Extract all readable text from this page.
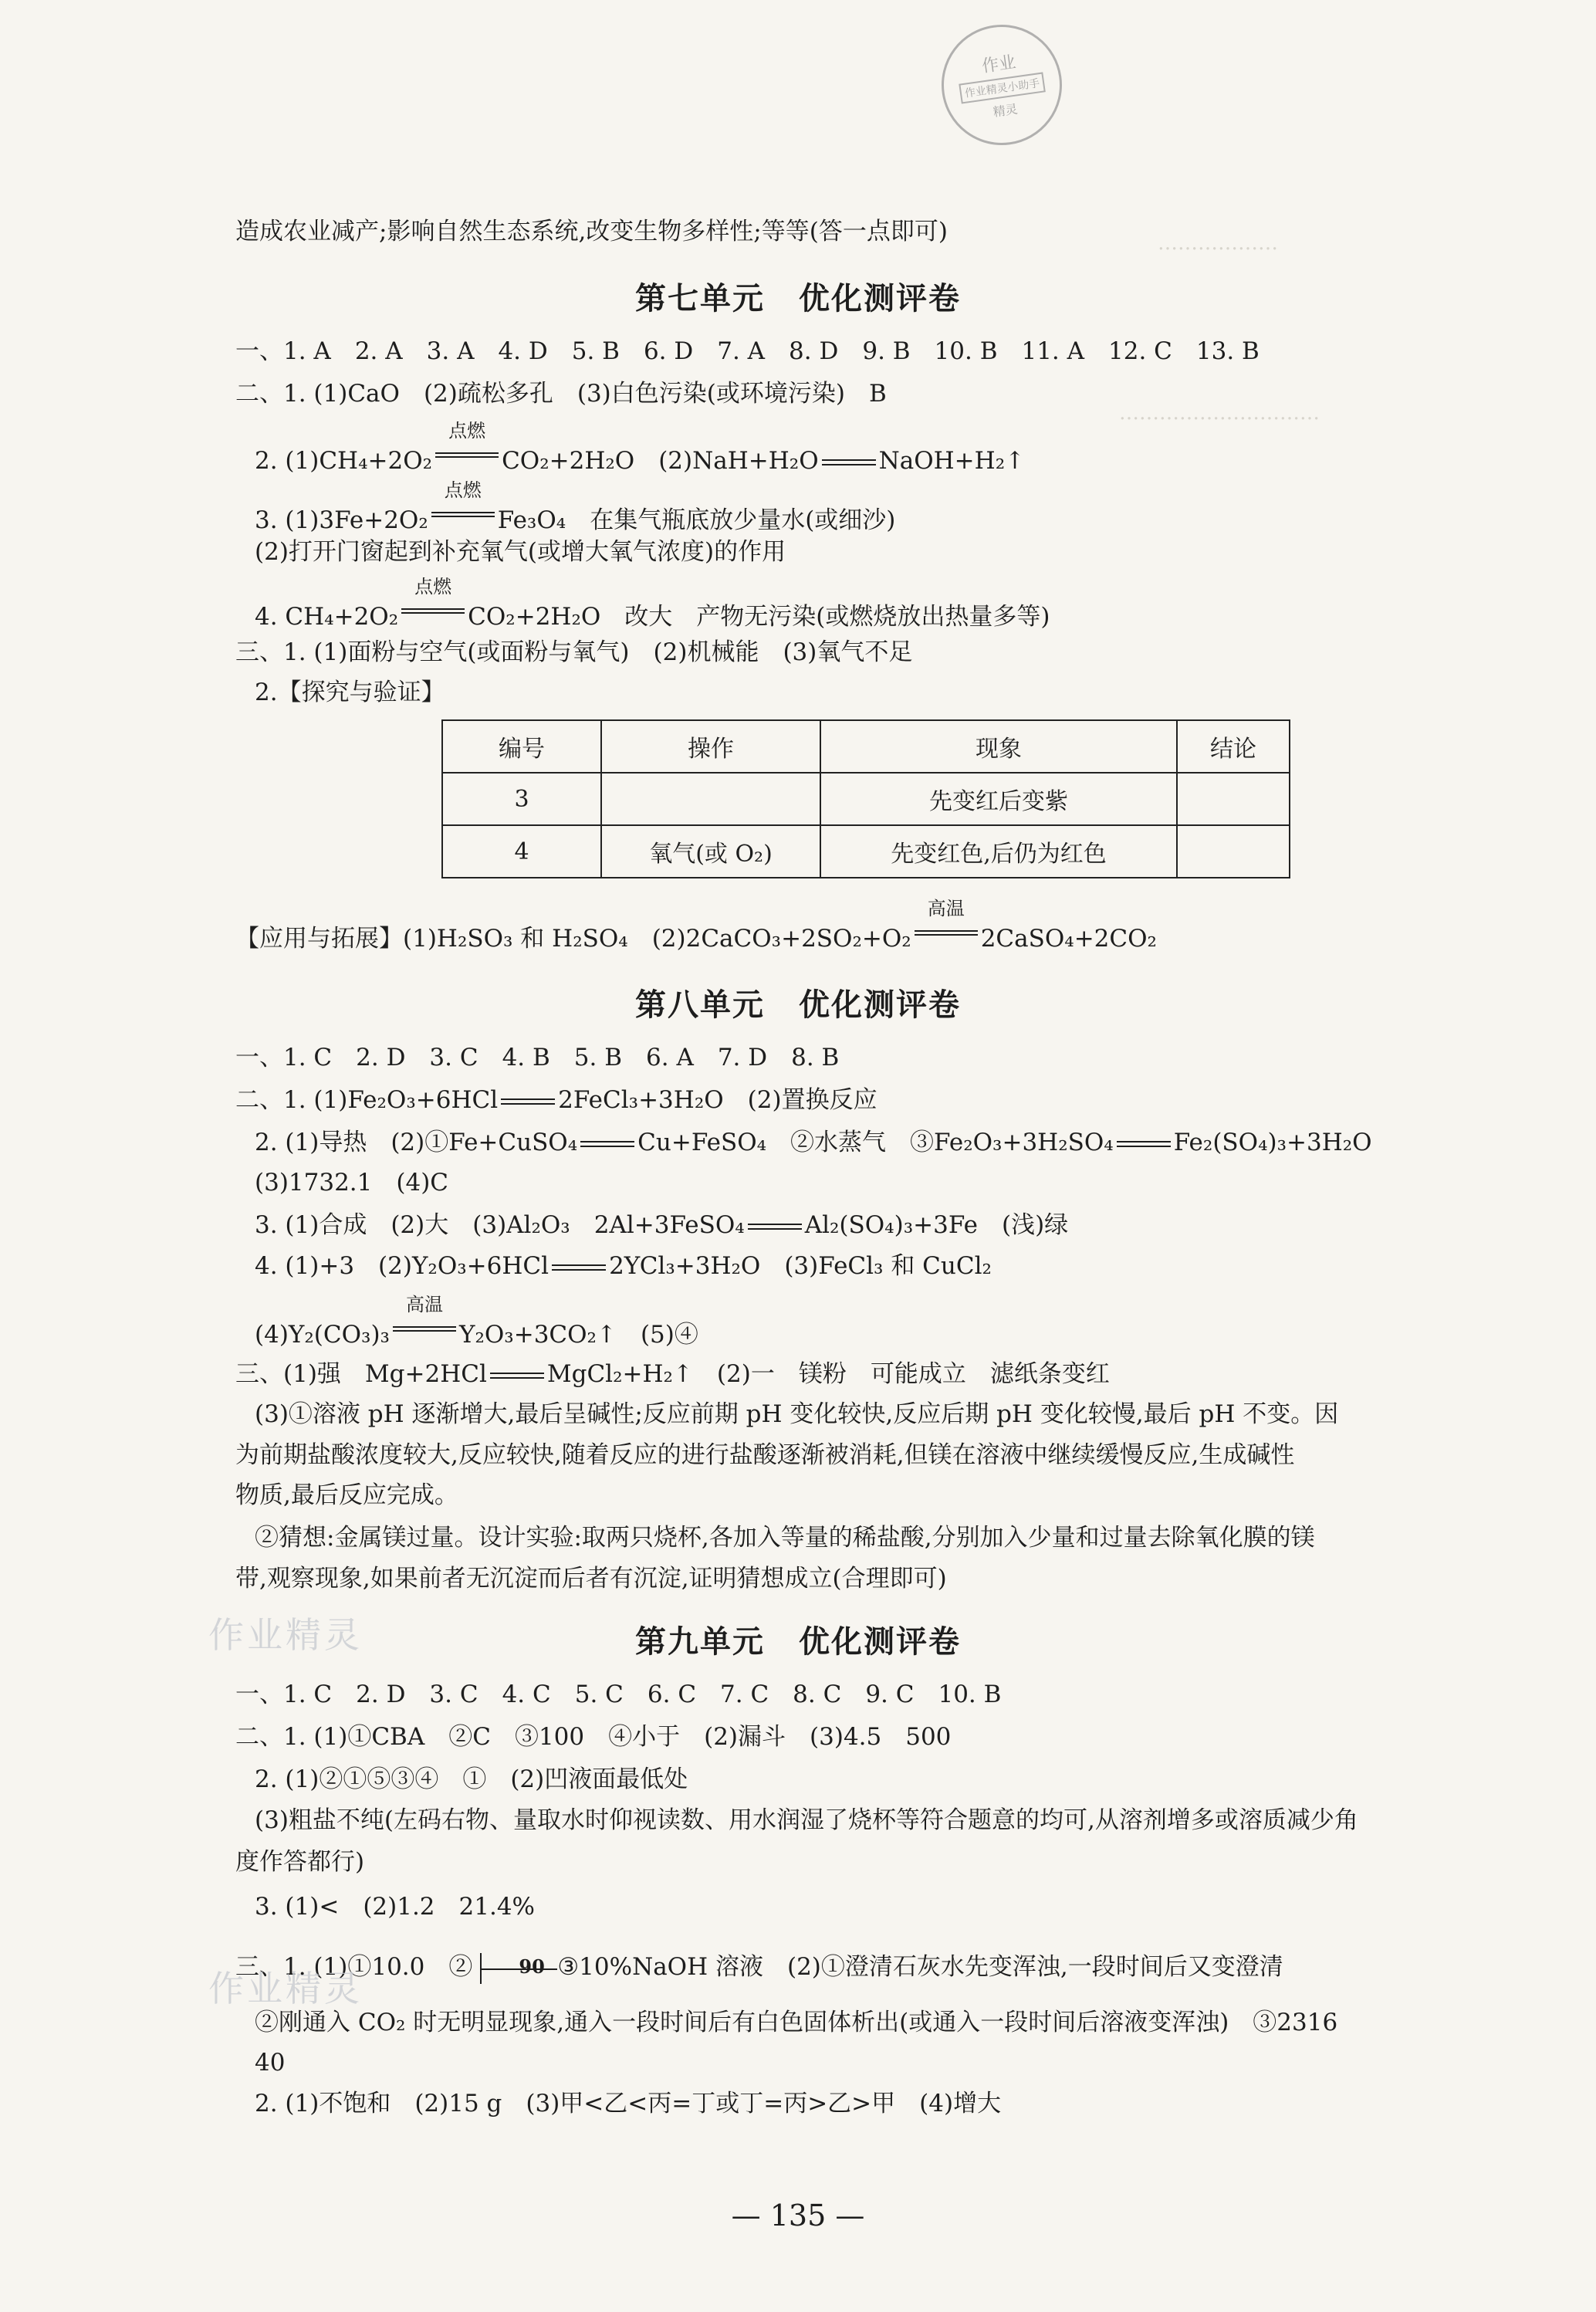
作业
作业精灵小助手
精灵
………………
…………………………
造成农业减产;影响自然生态系统,改变生物多样性;等等(答一点即可)
第七单元 优化测评卷
一、1. A　2. A　3. A　4. D　5. B　6. D　7. A　8. D　9. B　10. B　11. A　12. C　13. B
二、1. (1)CaO　(2)疏松多孔　(3)白色污染(或环境污染)　B
2. (1)CH₄+2O₂
点燃
CO₂+2H₂O　(2)NaH+H₂O	NaOH+H₂↑
3. (1)3Fe+2O₂
点燃
Fe₃O₄　在集气瓶底放少量水(或细沙)
(2)打开门窗起到补充氧气(或增大氧气浓度)的作用
4. CH₄+2O₂
点燃
CO₂+2H₂O　改大　产物无污染(或燃烧放出热量多等)
三、1. (1)面粉与空气(或面粉与氧气)　(2)机械能　(3)氧气不足
2.【探究与验证】
编号	操作	现象	结论
3		先变红后变紫	
4	氧气(或 O₂)	先变红色,后仍为红色	
【应用与拓展】(1)H₂SO₃ 和 H₂SO₄　(2)2CaCO₃+2SO₂+O₂
高温
2CaSO₄+2CO₂
第八单元 优化测评卷
一、1. C　2. D　3. C　4. B　5. B　6. A　7. D　8. B
二、1. (1)Fe₂O₃+6HCl	2FeCl₃+3H₂O　(2)置换反应
2. (1)导热　(2)①Fe+CuSO₄	Cu+FeSO₄　②水蒸气　③Fe₂O₃+3H₂SO₄	Fe₂(SO₄)₃+3H₂O
(3)1732.1　(4)C
3. (1)合成　(2)大　(3)Al₂O₃　2Al+3FeSO₄	Al₂(SO₄)₃+3Fe　(浅)绿
4. (1)+3　(2)Y₂O₃+6HCl	2YCl₃+3H₂O　(3)FeCl₃ 和 CuCl₂
(4)Y₂(CO₃)₃
高温
Y₂O₃+3CO₂↑　(5)④
三、(1)强　Mg+2HCl	MgCl₂+H₂↑　(2)一　镁粉　可能成立　滤纸条变红
(3)①溶液 pH 逐渐增大,最后呈碱性;反应前期 pH 变化较快,反应后期 pH 变化较慢,最后 pH 不变。因
为前期盐酸浓度较大,反应较快,随着反应的进行盐酸逐渐被消耗,但镁在溶液中继续缓慢反应,生成碱性
物质,最后反应完成。
②猜想:金属镁过量。设计实验:取两只烧杯,各加入等量的稀盐酸,分别加入少量和过量去除氧化膜的镁
带,观察现象,如果前者无沉淀而后者有沉淀,证明猜想成立(合理即可)
作业精灵	第九单元 优化测评卷
一、1. C　2. D　3. C　4. C　5. C　6. C　7. C　8. C　9. C　10. B
二、1. (1)①CBA　②C　③100　④小于　(2)漏斗　(3)4.5　500
2. (1)②①⑤③④　①　(2)凹液面最低处
(3)粗盐不纯(左码右物、量取水时仰视读数、用水润湿了烧杯等符合题意的均可,从溶剂增多或溶质减少角
度作答都行)
3. (1)<　(2)1.2　21.4%
三、1. (1)①10.0　②	90 ③10%NaOH 溶液　(2)①澄清石灰水先变浑浊,一段时间后又变澄清
作业精灵
②刚通入 CO₂ 时无明显现象,通入一段时间后有白色固体析出(或通入一段时间后溶液变浑浊)　③2316
40
2. (1)不饱和　(2)15 g　(3)甲<乙<丙=丁或丁=丙>乙>甲　(4)增大
— 135 —
